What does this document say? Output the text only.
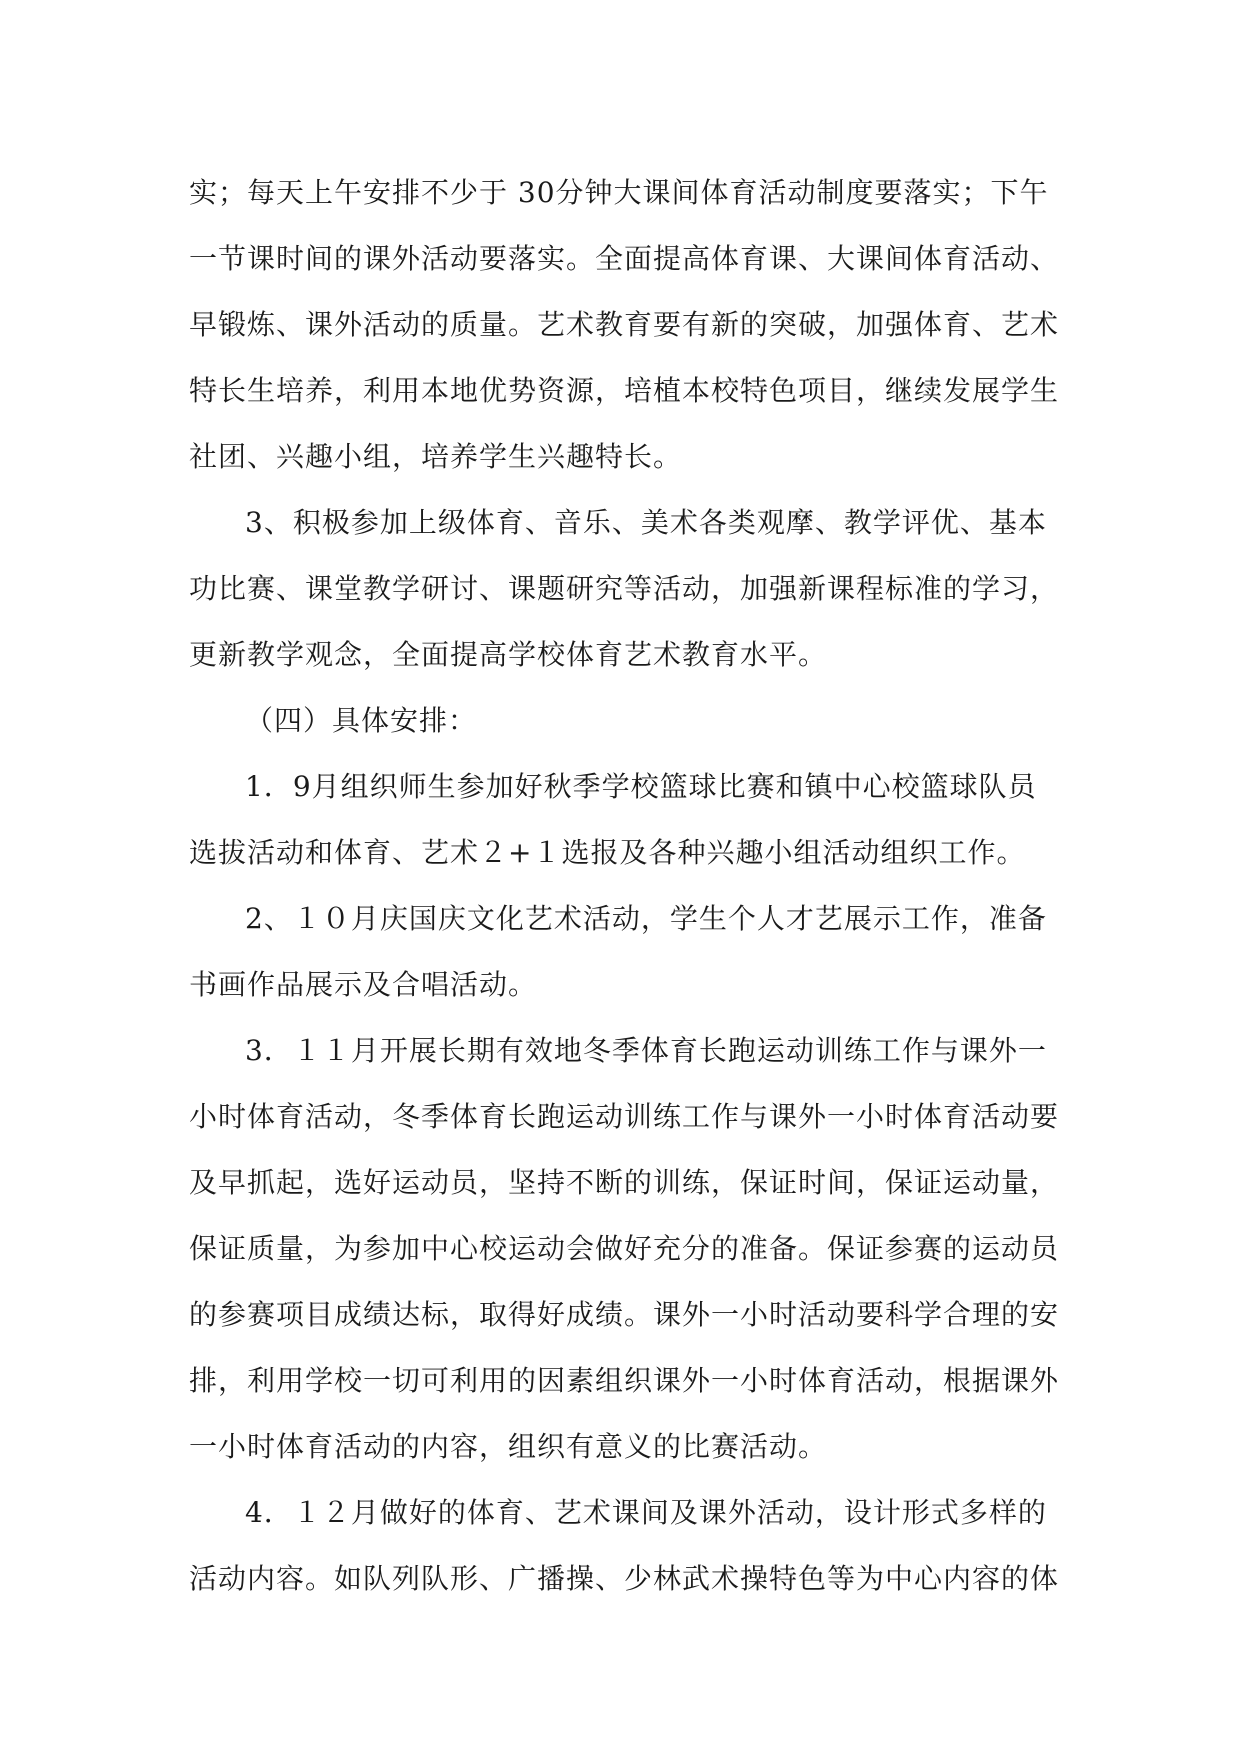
实；每天上午安排不少于 30分钟大课间体育活动制度要落实；下午
一节课时间的课外活动要落实。全面提高体育课、大课间体育活动、
早锻炼、课外活动的质量。艺术教育要有新的突破，加强体育、艺术
特长生培养，利用本地优势资源，培植本校特色项目，继续发展学生
社团、兴趣小组，培养学生兴趣特长。
3、积极参加上级体育、音乐、美术各类观摩、教学评优、基本
功比赛、课堂教学研讨、课题研究等活动，加强新课程标准的学习，
更新教学观念，全面提高学校体育艺术教育水平。
（四）具体安排：
1．9月组织师生参加好秋季学校篮球比赛和镇中心校篮球队员
选拔活动和体育、艺术２+１选报及各种兴趣小组活动组织工作。
2、１０月庆国庆文化艺术活动，学生个人才艺展示工作，准备
书画作品展示及合唱活动。
3．１１月开展长期有效地冬季体育长跑运动训练工作与课外一
小时体育活动，冬季体育长跑运动训练工作与课外一小时体育活动要
及早抓起，选好运动员，坚持不断的训练，保证时间，保证运动量，
保证质量，为参加中心校运动会做好充分的准备。保证参赛的运动员
的参赛项目成绩达标，取得好成绩。课外一小时活动要科学合理的安
排，利用学校一切可利用的因素组织课外一小时体育活动，根据课外
一小时体育活动的内容，组织有意义的比赛活动。
4．１２月做好的体育、艺术课间及课外活动，设计形式多样的
活动内容。如队列队形、广播操、少林武术操特色等为中心内容的体
